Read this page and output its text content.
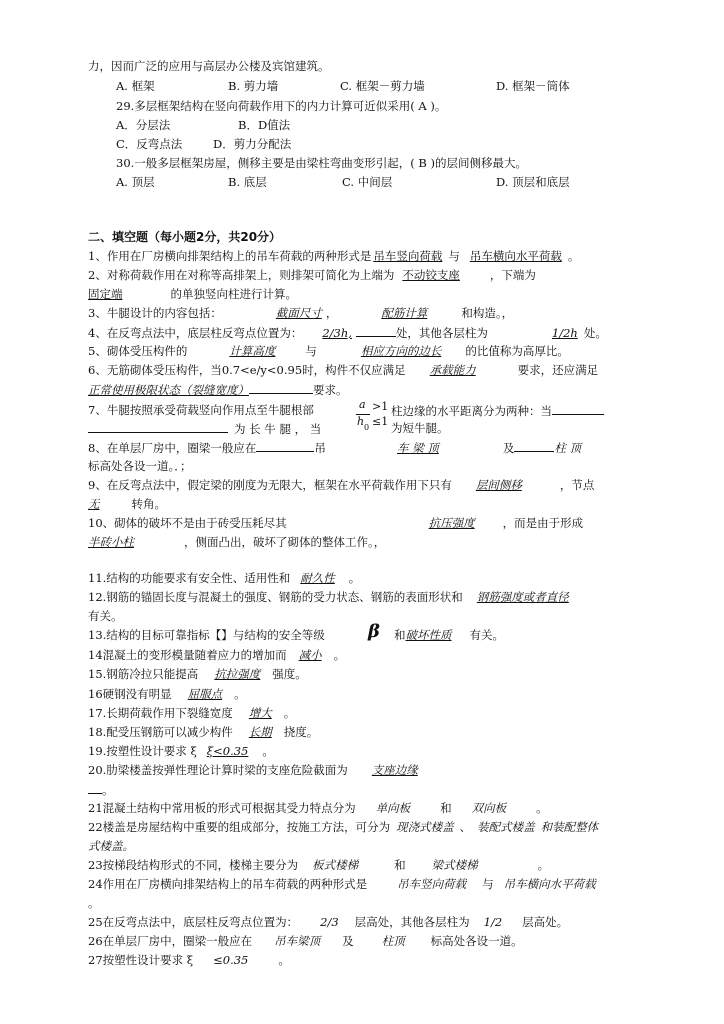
力，因而广泛的应用与高层办公楼及宾馆建筑。
A. 框架	B. 剪力墙	C. 框架－剪力墙	D. 框架－筒体
29.多层框架结构在竖向荷载作用下的内力计算可近似采用( A )。
A．分层法	B．D值法
C．反弯点法	D．剪力分配法
30.一般多层框架房屋，侧移主要是由梁柱弯曲变形引起，( B )的层间侧移最大。
A. 顶层	B. 底层	C. 中间层	D. 顶层和底层
二、填空题（每小题2分，共20分）
1、作用在厂房横向排架结构上的吊车荷载的两种形式是 吊车竖向荷载 与 吊车横向水平荷载 。
2、对称荷载作用在对称等高排架上，则排架可简化为上端为 不动铰支座	，下端为
固定端	的单独竖向柱进行计算。
3、牛腿设计的内容包括：	截面尺寸 ，	配筋计算	和构造。，
4、在反弯点法中，底层柱反弯点位置为： 2/3h,	处，其他各层柱为	1/2h 处。
5、砌体受压构件的	计算高度	与	相应方向的边长 的比值称为高厚比。
6、无筋砌体受压构件，当0.7<e/y<0.95时，构件不仅应满足 承载能力	要求，还应满足
正常使用极限状态（裂缝宽度）	要求。
7、牛腿按照承受荷载竖向作用点至牛腿根部	a
h 0
>1
≤1
柱边缘的水平距离分为两种：当
为 长 牛 腿 ， 当	为短牛腿。
8、在单层厂房中，圈梁一般应在	吊	车 梁 顶	及	柱 顶
标高处各设一道。．；
9、在反弯点法中，假定梁的刚度为无限大，框架在水平荷载作用下只有 层间侧移	，节点
无	转角。
10、砌体的破坏不是由于砖受压耗尽其	抗压强度 ，而是由于形成
半砖小柱	，侧面凸出，破坏了砌体的整体工作。，
11.结构的功能要求有安全性、适用性和 耐久性 。
12.钢筋的锚固长度与混凝土的强度、钢筋的受力状态、钢筋的表面形状和 钢筋强度或者直径
有关。
13.结构的目标可靠指标【】与结构的安全等级 β 和破坏性质 有关。
14混凝土的变形模量随着应力的增加而 减小 。
15.钢筋冷拉只能提高 抗拉强度 强度。
16硬钢没有明显 屈服点 。
17.长期荷载作用下裂缝宽度 增大 。
18.配受压钢筋可以减少构件 长期 挠度。
19.按塑性设计要求 ξ ξ<0.35 。
20.肋梁楼盖按弹性理论计算时梁的支座危险截面为 支座边缘
。
21混凝土结构中常用板的形式可根据其受力特点分为 单向板	和 双向板	。
22楼盖是房屋结构中重要的组成部分，按施工方法，可分为 现浇式楼盖 、 装配式楼盖 和装配整体
式楼盖。
23按梯段结构形式的不同，楼梯主要分为 板式楼梯	和 梁式楼梯	。
24作用在厂房横向排架结构上的吊车荷载的两种形式是	吊车竖向荷载 与 吊车横向水平荷载
。
25在反弯点法中，底层柱反弯点位置为： 2/3 层高处，其他各层柱为 1/2 层高处。
26在单层厂房中，圈梁一般应在 吊车梁顶 及 柱顶 标高处各设一道。
27按塑性设计要求 ξ ≤0.35	。
